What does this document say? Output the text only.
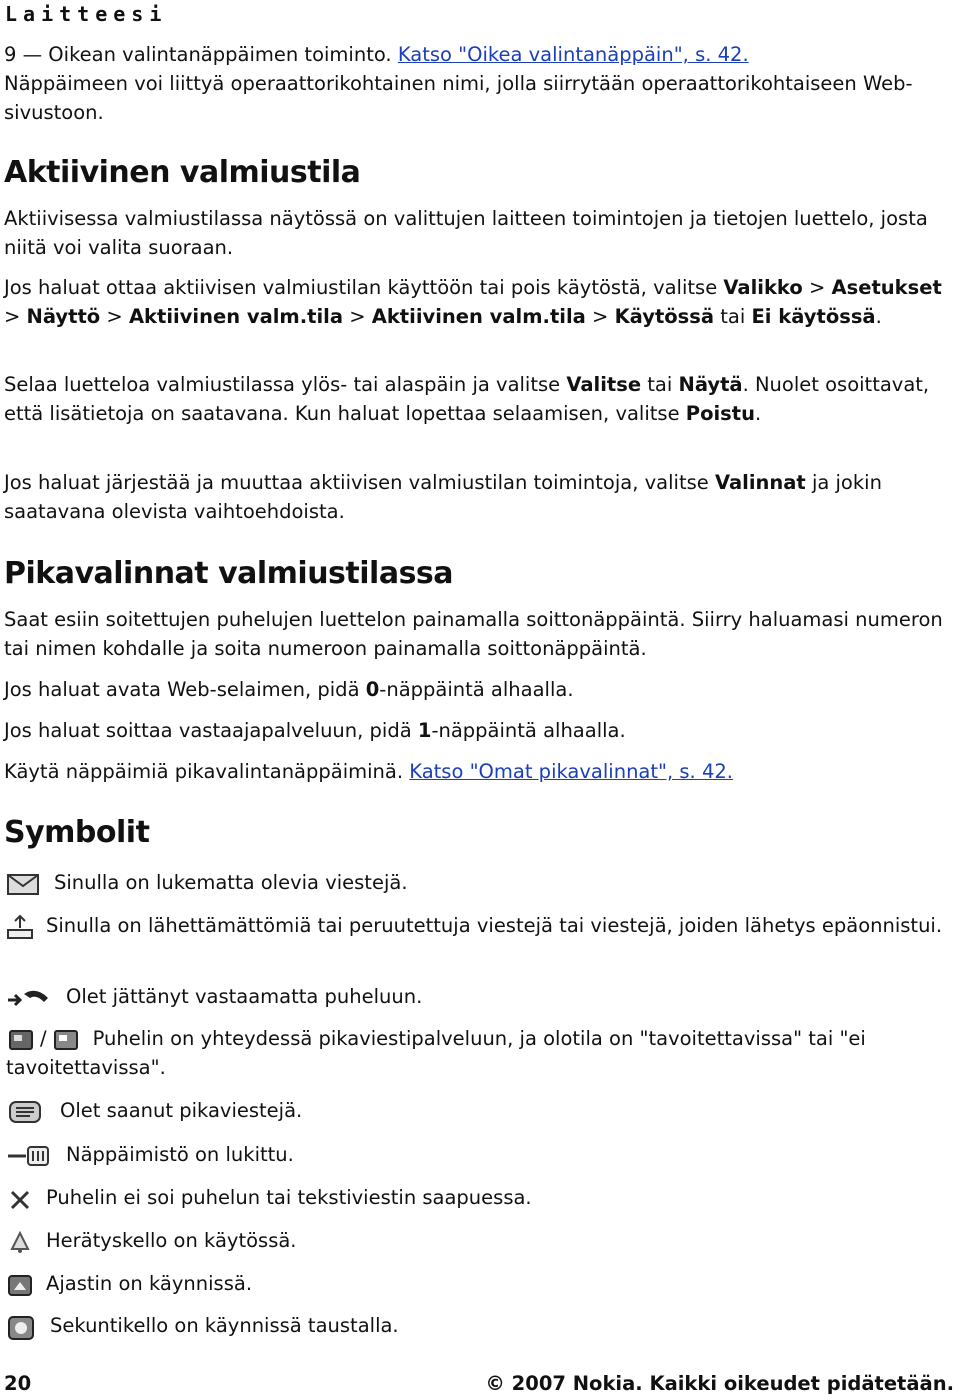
Laitteesi

9 — Oikean valintanäppäimen toiminto. Katso "Oikea valintanäppäin", s. 42.
Näppäimeen voi liittyä operaattorikohtainen nimi, jolla siirrytään operaattorikohtaiseen Web-sivustoon.

Aktiivinen valmiustila

Aktiivisessa valmiustilassa näytössä on valittujen laitteen toimintojen ja tietojen luettelo, josta niitä voi valita suoraan.

Jos haluat ottaa aktiivisen valmiustilan käyttöön tai pois käytöstä, valitse Valikko > Asetukset > Näyttö > Aktiivinen valm.tila > Aktiivinen valm.tila > Käytössä tai Ei käytössä.

Selaa luetteloa valmiustilassa ylös- tai alaspäin ja valitse Valitse tai Näytä. Nuolet osoittavat, että lisätietoja on saatavana. Kun haluat lopettaa selaamisen, valitse Poistu.

Jos haluat järjestää ja muuttaa aktiivisen valmiustilan toimintoja, valitse Valinnat ja jokin saatavana olevista vaihtoehdoista.

Pikavalinnat valmiustilassa

Saat esiin soitettujen puhelujen luettelon painamalla soittonäppäintä. Siirry haluamasi numeron tai nimen kohdalle ja soita numeroon painamalla soittonäppäintä.

Jos haluat avata Web-selaimen, pidä 0-näppäintä alhaalla.

Jos haluat soittaa vastaajapalveluun, pidä 1-näppäintä alhaalla.

Käytä näppäimiä pikavalintanäppäiminä. Katso "Omat pikavalinnat", s. 42.

Symbolit
Sinulla on lukematta olevia viestejä.
Sinulla on lähettämättömiä tai peruutettuja viestejä tai viestejä, joiden lähetys epäonnistui.
Olet jättänyt vastaamatta puheluun.
/ Puhelin on yhteydessä pikaviestipalveluun, ja olotila on "tavoitettavissa" tai "ei tavoitettavissa".
Olet saanut pikaviestejä.
Näppäimistö on lukittu.
Puhelin ei soi puhelun tai tekstiviestin saapuessa.
Herätyskello on käytössä.
Ajastin on käynnissä.
Sekuntikello on käynnissä taustalla.
20	© 2007 Nokia. Kaikki oikeudet pidätetään.
